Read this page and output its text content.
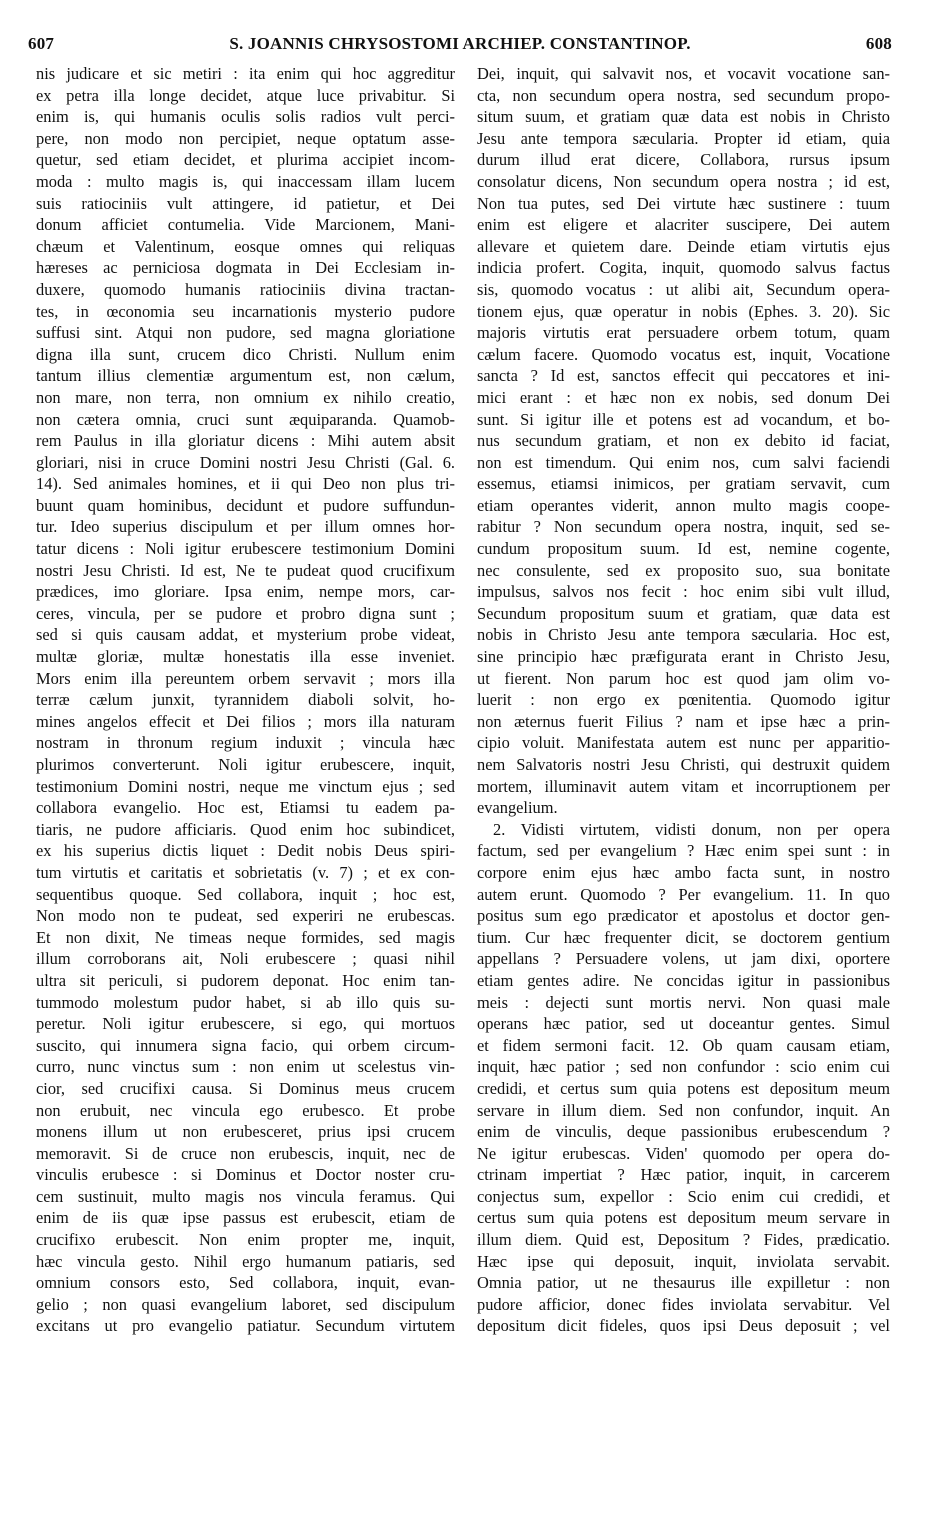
607	S. JOANNIS CHRYSOSTOMI ARCHIEP. CONSTANTINOP.	608
nis judicare et sic metiri : ita enim qui hoc aggreditur
ex petra illa longe decidet, atque luce privabitur. Si
enim is, qui humanis oculis solis radios vult perci-
pere, non modo non percipiet, neque optatum asse-
quetur, sed etiam decidet, et plurima accipiet incom-
moda : multo magis is, qui inaccessam illam lucem
suis ratiociniis vult attingere, id patietur, et Dei
donum afficiet contumelia. Vide Marcionem, Mani-
chæum et Valentinum, eosque omnes qui reliquas
hæreses ac perniciosa dogmata in Dei Ecclesiam in-
duxere, quomodo humanis ratiociniis divina tractan-
tes, in œconomia seu incarnationis mysterio pudore
suffusi sint. Atqui non pudore, sed magna gloriatione
digna illa sunt, crucem dico Christi. Nullum enim
tantum illius clementiæ argumentum est, non cælum,
non mare, non terra, non omnium ex nihilo creatio,
non cætera omnia, cruci sunt æquiparanda. Quamob-
rem Paulus in illa gloriatur dicens : Mihi autem absit
gloriari, nisi in cruce Domini nostri Jesu Christi (Gal. 6.
14). Sed animales homines, et ii qui Deo non plus tri-
buunt quam hominibus, decidunt et pudore suffundun-
tur. Ideo superius discipulum et per illum omnes hor-
tatur dicens : Noli igitur erubescere testimonium Domini
nostri Jesu Christi. Id est, Ne te pudeat quod crucifixum
prædices, imo gloriare. Ipsa enim, nempe mors, car-
ceres, vincula, per se pudore et probro digna sunt ;
sed si quis causam addat, et mysterium probe videat,
multæ gloriæ, multæ honestatis illa esse inveniet.
Mors enim illa pereuntem orbem servavit ; mors illa
terræ cælum junxit, tyrannidem diaboli solvit, ho-
mines angelos effecit et Dei filios ; mors illa naturam
nostram in thronum regium induxit ; vincula hæc
plurimos converterunt. Noli igitur erubescere, inquit,
testimonium Domini nostri, neque me vinctum ejus ; sed
collabora evangelio. Hoc est, Etiamsi tu eadem pa-
tiaris, ne pudore afficiaris. Quod enim hoc subindicet,
ex his superius dictis liquet : Dedit nobis Deus spiri-
tum virtutis et caritatis et sobrietatis (v. 7) ; et ex con-
sequentibus quoque. Sed collabora, inquit ; hoc est,
Non modo non te pudeat, sed experiri ne erubescas.
Et non dixit, Ne timeas neque formides, sed magis
illum corroborans ait, Noli erubescere ; quasi nihil
ultra sit periculi, si pudorem deponat. Hoc enim tan-
tummodo molestum pudor habet, si ab illo quis su-
peretur. Noli igitur erubescere, si ego, qui mortuos
suscito, qui innumera signa facio, qui orbem circum-
curro, nunc vinctus sum : non enim ut scelestus vin-
cior, sed crucifixi causa. Si Dominus meus crucem
non erubuit, nec vincula ego erubesco. Et probe
monens illum ut non erubesceret, prius ipsi crucem
memoravit. Si de cruce non erubescis, inquit, nec de
vinculis erubesce : si Dominus et Doctor noster cru-
cem sustinuit, multo magis nos vincula feramus. Qui
enim de iis quæ ipse passus est erubescit, etiam de
crucifixo erubescit. Non enim propter me, inquit,
hæc vincula gesto. Nihil ergo humanum patiaris, sed
omnium consors esto, Sed collabora, inquit, evan-
gelio ; non quasi evangelium laboret, sed discipulum
excitans ut pro evangelio patiatur. Secundum virtutem
Dei, inquit, qui salvavit nos, et vocavit vocatione san-
cta, non secundum opera nostra, sed secundum propo-
situm suum, et gratiam quæ data est nobis in Christo
Jesu ante tempora sæcularia. Propter id etiam, quia
durum illud erat dicere, Collabora, rursus ipsum
consolatur dicens, Non secundum opera nostra ; id est,
Non tua putes, sed Dei virtute hæc sustinere : tuum
enim est eligere et alacriter suscipere, Dei autem
allevare et quietem dare. Deinde etiam virtutis ejus
indicia profert. Cogita, inquit, quomodo salvus factus
sis, quomodo vocatus : ut alibi ait, Secundum opera-
tionem ejus, quæ operatur in nobis (Ephes. 3. 20). Sic
majoris virtutis erat persuadere orbem totum, quam
cælum facere. Quomodo vocatus est, inquit, Vocatione
sancta ? Id est, sanctos effecit qui peccatores et ini-
mici erant : et hæc non ex nobis, sed donum Dei
sunt. Si igitur ille et potens est ad vocandum, et bo-
nus secundum gratiam, et non ex debito id faciat,
non est timendum. Qui enim nos, cum salvi faciendi
essemus, etiamsi inimicos, per gratiam servavit, cum
etiam operantes viderit, annon multo magis coope-
rabitur ? Non secundum opera nostra, inquit, sed se-
cundum propositum suum. Id est, nemine cogente,
nec consulente, sed ex proposito suo, sua bonitate
impulsus, salvos nos fecit : hoc enim sibi vult illud,
Secundum propositum suum et gratiam, quæ data est
nobis in Christo Jesu ante tempora sæcularia. Hoc est,
sine principio hæc præfigurata erant in Christo Jesu,
ut fierent. Non parum hoc est quod jam olim vo-
luerit : non ergo ex pœnitentia. Quomodo igitur
non æternus fuerit Filius ? nam et ipse hæc a prin-
cipio voluit. Manifestata autem est nunc per apparitio-
nem Salvatoris nostri Jesu Christi, qui destruxit quidem
mortem, illuminavit autem vitam et incorruptionem per
evangelium.
2. Vidisti virtutem, vidisti donum, non per opera
factum, sed per evangelium ? Hæc enim spei sunt : in
corpore enim ejus hæc ambo facta sunt, in nostro
autem erunt. Quomodo ? Per evangelium. 11. In quo
positus sum ego prædicator et apostolus et doctor gen-
tium. Cur hæc frequenter dicit, se doctorem gentium
appellans ? Persuadere volens, ut jam dixi, oportere
etiam gentes adire. Ne concidas igitur in passionibus
meis : dejecti sunt mortis nervi. Non quasi male
operans hæc patior, sed ut doceantur gentes. Simul
et fidem sermoni facit. 12. Ob quam causam etiam,
inquit, hæc patior ; sed non confundor : scio enim cui
credidi, et certus sum quia potens est depositum meum
servare in illum diem. Sed non confundor, inquit. An
enim de vinculis, deque passionibus erubescendum ?
Ne igitur erubescas. Viden' quomodo per opera do-
ctrinam impertiat ? Hæc patior, inquit, in carcerem
conjectus sum, expellor : Scio enim cui credidi, et
certus sum quia potens est depositum meum servare in
illum diem. Quid est, Depositum ? Fides, prædicatio.
Hæc ipse qui deposuit, inquit, inviolata servabit.
Omnia patior, ut ne thesaurus ille expilletur : non
pudore afficior, donec fides inviolata servabitur. Vel
depositum dicit fideles, quos ipsi Deus deposuit ; vel
